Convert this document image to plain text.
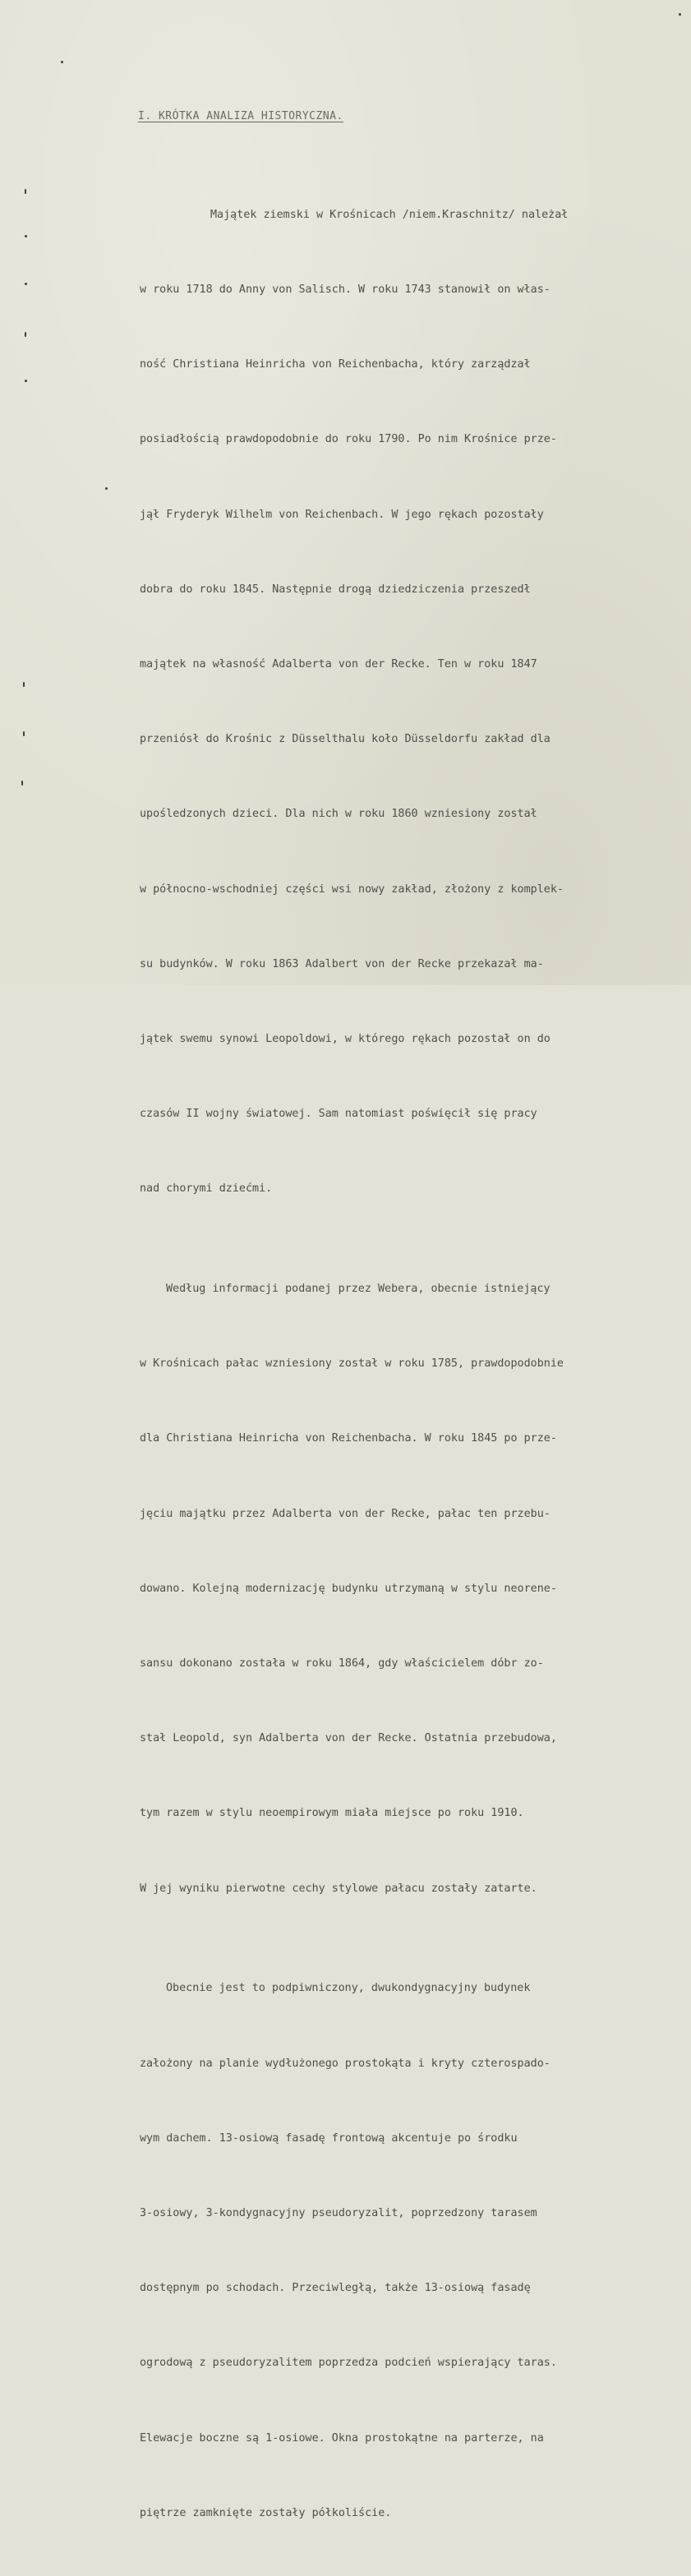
I. KRÓTKA ANALIZA HISTORYCZNA.

Majątek ziemski w Krośnicach /niem.Kraschnitz/ należał

w roku 1718 do Anny von Salisch. W roku 1743 stanowił on włas-

ność Christiana Heinricha von Reichenbacha, który zarządzał

posiadłością prawdopodobnie do roku 1790. Po nim Krośnice prze-

jął Fryderyk Wilhelm von Reichenbach. W jego rękach pozostały

dobra do roku 1845. Następnie drogą dziedziczenia przeszedł

majątek na własność Adalberta von der Recke. Ten w roku 1847

przeniósł do Krośnic z Düsselthalu koło Düsseldorfu zakład dla

upośledzonych dzieci. Dla nich w roku 1860 wzniesiony został

w północno-wschodniej części wsi nowy zakład, złożony z komplek-

su budynków. W roku 1863 Adalbert von der Recke przekazał ma-

jątek swemu synowi Leopoldowi, w którego rękach pozostał on do

czasów II wojny światowej. Sam natomiast poświęcił się pracy

nad chorymi dziećmi.

Według informacji podanej przez Webera, obecnie istniejący

w Krośnicach pałac wzniesiony został w roku 1785, prawdopodobnie

dla Christiana Heinricha von Reichenbacha. W roku 1845 po prze-

jęciu majątku przez Adalberta von der Recke, pałac ten przebu-

dowano. Kolejną modernizację budynku utrzymaną w stylu neorene-

sansu dokonano została w roku 1864, gdy właścicielem dóbr zo-

stał Leopold, syn Adalberta von der Recke. Ostatnia przebudowa,

tym razem w stylu neoempirowym miała miejsce po roku 1910.

W jej wyniku pierwotne cechy stylowe pałacu zostały zatarte.

Obecnie jest to podpiwniczony, dwukondygnacyjny budynek

założony na planie wydłużonego prostokąta i kryty czterospado-

wym dachem. 13-osiową fasadę frontową akcentuje po środku

3-osiowy, 3-kondygnacyjny pseudoryzalit, poprzedzony tarasem

dostępnym po schodach. Przeciwległą, także 13-osiową fasadę

ogrodową z pseudoryzalitem poprzedza podcień wspierający taras.

Elewacje boczne są 1-osiowe. Okna prostokątne na parterze, na

piętrze zamknięte zostały półkoliście.
